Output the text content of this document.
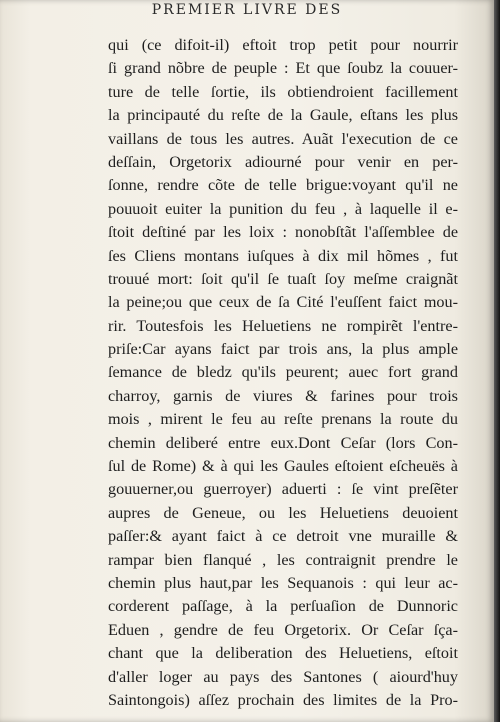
PREMIER LIVRE DES
qui (ce difoit-il) eftoit trop petit pour nourrir
ſi grand nõbre de peuple : Et que ſoubz la couuer-
ture de telle ſortie, ils obtiendroient facillement
la principauté du reſte de la Gaule, eſtans les plus
vaillans de tous les autres. Auãt l'execution de ce
deſſain, Orgetorix adiourné pour venir en per-
ſonne, rendre cõte de telle brigue:voyant qu'il ne
pouuoit euiter la punition du feu , à laquelle il e-
ſtoit deſtiné par les loix : nonobſtãt l'aſſemblee de
ſes Cliens montans iuſques à dix mil hõmes , fut
trouué mort: ſoit qu'il ſe tuaſt ſoy meſme craignãt
la peine;ou que ceux de ſa Cité l'euſſent faict mou-
rir. Toutesfois les Heluetiens ne rompirẽt l'entre-
priſe:Car ayans faict par trois ans, la plus ample
ſemance de bledz qu'ils peurent; auec fort grand
charroy, garnis de viures & farines pour trois
mois , mirent le feu au reſte prenans la route du
chemin deliberé entre eux.Dont Ceſar (lors Con-
ſul de Rome) & à qui les Gaules eſtoient eſcheuës à
gouuerner,ou guerroyer) aduerti : ſe vint preſẽter
aupres de Geneue, ou les Heluetiens deuoient
paſſer:& ayant faict à ce detroit vne muraille &
rampar bien flanqué , les contraignit prendre le
chemin plus haut,par les Sequanois : qui leur ac-
corderent paſſage, à la perſuaſion de Dunnoric
Eduen , gendre de feu Orgetorix. Or Ceſar ſça-
chant que la deliberation des Heluetiens, eſtoit
d'aller loger au pays des Santones ( aiourd'huy
Saintongois) aſſez prochain des limites de la Pro-
